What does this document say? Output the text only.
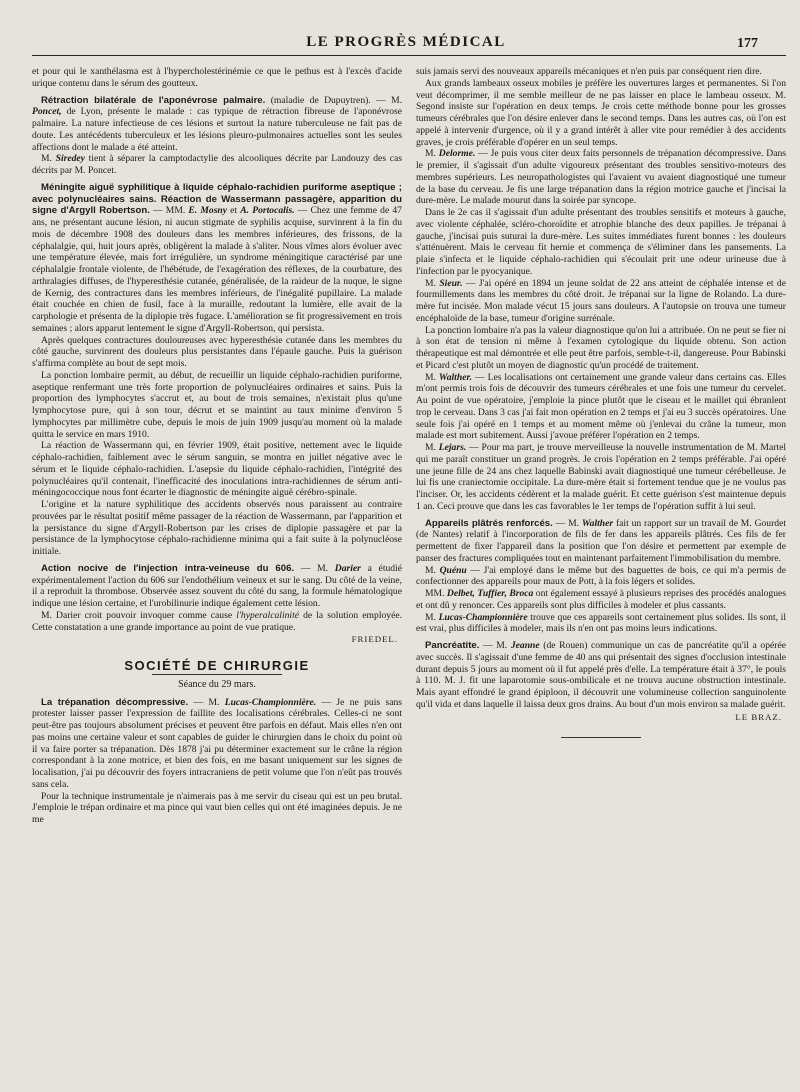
LE PROGRÈS MÉDICAL	177

et pour qui le xanthélasma est à l'hypercholestérinémie ce que le pethus est à l'excès d'acide urique contenu dans le sérum des goutteux.

Rétraction bilatérale de l'aponévrose palmaire. (maladie de Dupuytren). — M. Poncet, de Lyon, présente le malade : cas typique de rétraction fibreuse de l'aponévrose palmaire. La nature infectieuse de ces lésions et surtout la nature tuberculeuse ne fait pas de doute. Les antécédents tuberculeux et les lésions pleuro-pulmonaires actuelles sont les seules affections dont le malade a été atteint.

M. Siredey tient à séparer la camptodactylie des alcooliques décrite par Landouzy des cas décrits par M. Poncet.

Méningite aiguë syphilitique à liquide céphalo-rachidien puriforme aseptique ; avec polynucléaires sains. Réaction de Wassermann passagère, apparition du signe d'Argyll Robertson. — MM. E. Mosny et A. Portocalis. — Chez une femme de 47 ans, ne présentant aucune lésion, ni aucun stigmate de syphilis acquise, survinrent à la fin du mois de décembre 1908 des douleurs dans les membres inférieures, des frissons, de la céphalalgie, qui, huit jours après, obligèrent la malade à s'aliter. Nous vîmes alors évoluer avec une température élevée, mais fort irrégulière, un syndrome méningitique caractérisé par une céphalalgie frontale violente, de l'hébétude, de l'exagération des réflexes, de la courbature, des arthralagies diffuses, de l'hyperesthésie cutanée, généralisée, de la raideur de la nuque, le signe de Kernig, des contractures dans les membres inférieurs, de l'inégalité pupillaire. La malade était couchée en chien de fusil, face à la muraille, redoutant la lumière, elle avait de la carphologie et présenta de la diplopie très fugace. L'amélioration se fit progressivement en trois semaines ; alors apparut lentement le signe d'Argyll-Robertson, qui persista.

Après quelques contractures douloureuses avec hyperesthésie cutanée dans les membres du côté gauche, survinrent des douleurs plus persistantes dans l'épaule gauche. Puis la guérison s'affirma complète au bout de sept mois.

La ponction lombaire permit, au début, de recueillir un liquide céphalo-rachidien puriforme, aseptique renfermant une très forte proportion de polynucléaires ordinaires et sains. Puis la proportion des lymphocytes s'accrut et, au bout de trois semaines, n'existait plus qu'une lymphocytose pure, qui à son tour, décrut et se maintint au taux minime d'environ 5 lymphocytes par millimètre cube, depuis le mois de juin 1909 jusqu'au moment où la malade quitta le service en mars 1910.

La réaction de Wassermann qui, en février 1909, était positive, nettement avec le liquide céphalo-rachidien, faiblement avec le sérum sanguin, se montra en juillet négative avec le sérum et le liquide céphalo-rachidien. L'asepsie du liquide céphalo-rachidien, l'intégrité des polynucléaires qu'il contenait, l'inefficacité des inoculations intra-rachidiennes de sérum anti-méningococcique nous font écarter le diagnostic de méningite aiguë cérébro-spinale.

L'origine et la nature syphilitique des accidents observés nous paraissent au contraire prouvées par le résultat positif même passager de la réaction de Wassermann, par l'apparition et la persistance du signe d'Argyll-Robertson par les crises de diplopie passagère et par la persistance de la lymphocytose céphalo-rachidienne minima qui a fait suite à la polynucléose initiale.

Action nocive de l'injection intra-veineuse du 606. — M. Darier a étudié expérimentalement l'action du 606 sur l'endothélium veineux et sur le sang. Du côté de la veine, il a reproduit la thrombose. Observée assez souvent du côté du sang, la formule hématologique indique une lésion certaine, et l'urobilinurie indique également cette lésion.

M. Darier croit pouvoir invoquer comme cause l'hyperalcalinité de la solution employée. Cette constatation a une grande importance au point de vue pratique.

FRIEDEL.
SOCIÉTÉ DE CHIRURGIE
Séance du 29 mars.

La trépanation décompressive. — M. Lucas-Championnière. — Je ne puis sans protester laisser passer l'expression de faillite des localisations cérébrales. Celles-ci ne sont peut-être pas toujours absolument précises et peuvent être parfois en défaut. Mais elles n'en ont pas moins une certaine valeur et sont capables de guider le chirurgien dans le choix du point où il va faire porter sa trépanation. Dès 1878 j'ai pu déterminer exactement sur le crâne la région correspondant à la zone motrice, et bien des fois, en me basant uniquement sur les signes de localisation, j'ai pu découvrir des foyers intracraniens de petit volume que l'on n'eût pas trouvés sans cela.

Pour la technique instrumentale je n'aimerais pas à me servir du ciseau qui est un peu brutal. J'emploie le trépan ordinaire et ma pince qui vaut bien celles qui ont été imaginées depuis. Je ne me

suis jamais servi des nouveaux appareils mécaniques et n'en puis par conséquent rien dire.

Aux grands lambeaux osseux mobiles je préfère les ouvertures larges et permanentes. Si l'on veut décomprimer, il me semble meilleur de ne pas laisser en place le lambeau osseux. M. Segond insiste sur l'opération en deux temps. Je crois cette méthode bonne pour les grosses tumeurs cérébrales que l'on désire enlever dans le second temps. Dans les autres cas, où l'on est appelé à intervenir d'urgence, où il y a grand intérêt à aller vite pour remédier à des accidents graves, je crois préférable d'opérer en un seul temps.

M. Delorme. — Je puis vous citer deux faits personnels de trépanation décompressive. Dans le premier, il s'agissait d'un adulte vigoureux présentant des troubles sensitivo-moteurs des membres supérieurs. Les neuropathologistes qui l'avaient vu avaient diagnostiqué une tumeur de la base du cerveau. Je fis une large trépanation dans la région motrice gauche et j'incisai la dure-mère. Le malade mourut dans la soirée par syncope.

Dans le 2e cas il s'agissait d'un adulte présentant des troubles sensitifs et moteurs à gauche, avec violente céphalée, scléro-choroïdite et atrophie blanche des deux papilles. Je trépanai à gauche, j'incisai puis suturai la dure-mère. Les suites immédiates furent bonnes : les douleurs s'atténuèrent. Mais le cerveau fit hernie et commença de s'éliminer dans les pansements. La plaie s'infecta et le liquide céphalo-rachidien qui s'écoulait prit une odeur urineuse due à l'infection par le pyocyanique.

M. Sieur. — J'ai opéré en 1894 un jeune soldat de 22 ans atteint de céphalée intense et de fourmillements dans les membres du côté droit. Je trépanai sur la ligne de Rolando. La dure-mère fut incisée. Mon malade vécut 15 jours sans douleurs. A l'autopsie on trouva une tumeur encéphaloïde de la base, tumeur d'origine surrénale.

La ponction lombaire n'a pas la valeur diagnostique qu'on lui a attribuée. On ne peut se fier ni à son état de tension ni même à l'examen cytologique du liquide obtenu. Son action thérapeutique est mal démontrée et elle peut être parfois, semble-t-il, dangereuse. Pour Babinski et Picard c'est plutôt un moyen de diagnostic qu'un procédé de traitement.

M. Walther. — Les localisations ont certainement une grande valeur dans certains cas. Elles m'ont permis trois fois de découvrir des tumeurs cérébrales et une fois une tumeur du cervelet. Au point de vue opératoire, j'emploie la pince plutôt que le ciseau et le maillet qui ébranlent trop le cerveau. Dans 3 cas j'ai fait mon opération en 2 temps et j'ai eu 3 succès opératoires. Une seule fois j'ai opéré en 1 temps et au moment même où j'enlevai du crâne la tumeur, mon malade est mort subitement. Aussi j'avoue préférer l'opération en 2 temps.

M. Lejars. — Pour ma part, je trouve merveilleuse la nouvelle instrumentation de M. Martel qui me paraît constituer un grand progrès. Je crois l'opération en 2 temps préférable. J'ai opéré une jeune fille de 24 ans chez laquelle Babinski avait diagnostiqué une tumeur cérébelleuse. Je lui fis une craniectomie occipitale. La dure-mère était si fortement tendue que je ne voulus pas l'inciser. Or, les accidents cédèrent et la malade guérit. Et cette guérison s'est maintenue depuis 1 an. Ceci prouve que dans les cas favorables le 1er temps de l'opération suffit à lui seul.

Appareils plâtrés renforcés. — M. Walther fait un rapport sur un travail de M. Gourdet (de Nantes) relatif à l'incorporation de fils de fer dans les appareils plâtrés. Ces fils de fer permettent de fixer l'appareil dans la position que l'on désire et permettent par exemple de panser des fractures compliquées tout en maintenant parfaitement l'immobilisation du membre.

M. Quénu — J'ai employé dans le même but des baguettes de bois, ce qui m'a permis de confectionner des appareils pour maux de Pott, à la fois légers et solides.

MM. Delbet, Tuffier, Broca ont également essayé à plusieurs reprises des procédés analogues et ont dû y renoncer. Ces appareils sont plus difficiles à modeler et plus cassants.

M. Lucas-Championnière trouve que ces appareils sont certainement plus solides. Ils sont, il est vrai, plus difficiles à modeler, mais ils n'en ont pas moins leurs indications.

Pancréatite. — M. Jeanne (de Rouen) communique un cas de pancréatite qu'il a opérée avec succès. Il s'agissait d'une femme de 40 ans qui présentait des signes d'occlusion intestinale durant depuis 5 jours au moment où il fut appelé près d'elle. La température était à 37°, le pouls à 110. M. J. fit une laparotomie sous-ombilicale et ne trouva aucune obstruction intestinale. Mais ayant effondré le grand épiploon, il découvrit une volumineuse collection sanguinolente qu'il vida et dans laquelle il laissa deux gros drains. Au bout d'un mois environ sa malade guérit.

LE BRAZ.
